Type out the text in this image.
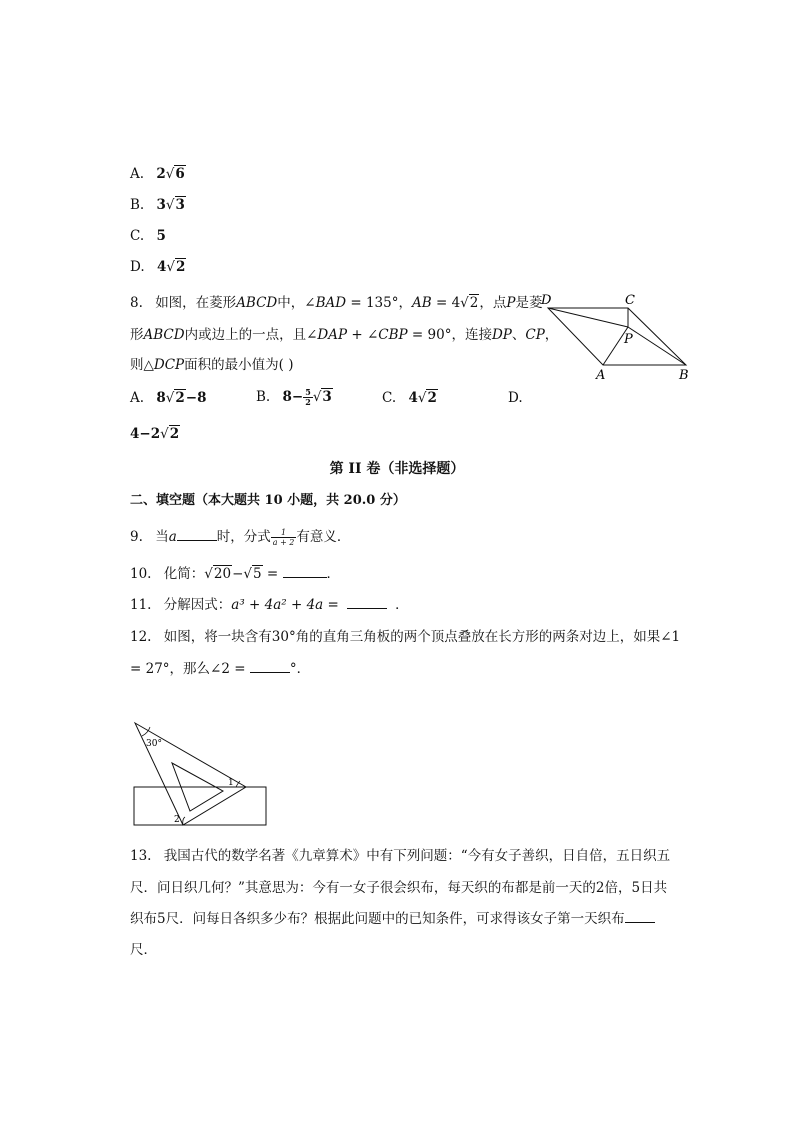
A. 2√6
B. 3√3
C. 5
D. 4√2
8. 如图，在菱形ABCD中，∠BAD = 135°，AB = 4√2，点P是菱
形ABCD内或边上的一点，且∠DAP + ∠CBP = 90°，连接DP、CP，
则△DCP面积的最小值为( )
D	C
P
A	B
A. 8√2−8	B. $8- \frac{5}{2} √3$	C. 4√2	D.
4−2√2
第 II 卷（非选择题）
二、填空题（本大题共 10 小题，共 20.0 分）
9. 当a	时，分式 $\frac{1}{a + 2}$ 有意义．
10. 化简：√20−√5 =	．
11. 分解因式：a³ + 4a² + 4a =	．
12. 如图，将一块含有30°角的直角三角板的两个顶点叠放在长方形的两条对边上，如果∠1
= 27°，那么∠2 =	°．
30°
1
2
13. 我国古代的数学名著《九章算术》中有下列问题：“今有女子善织，日自倍，五日织五
尺．问日织几何？”其意思为：今有一女子很会织布，每天织的布都是前一天的2倍，5日共
织布5尺．问每日各织多少布？根据此问题中的已知条件，可求得该女子第一天织布
尺．
